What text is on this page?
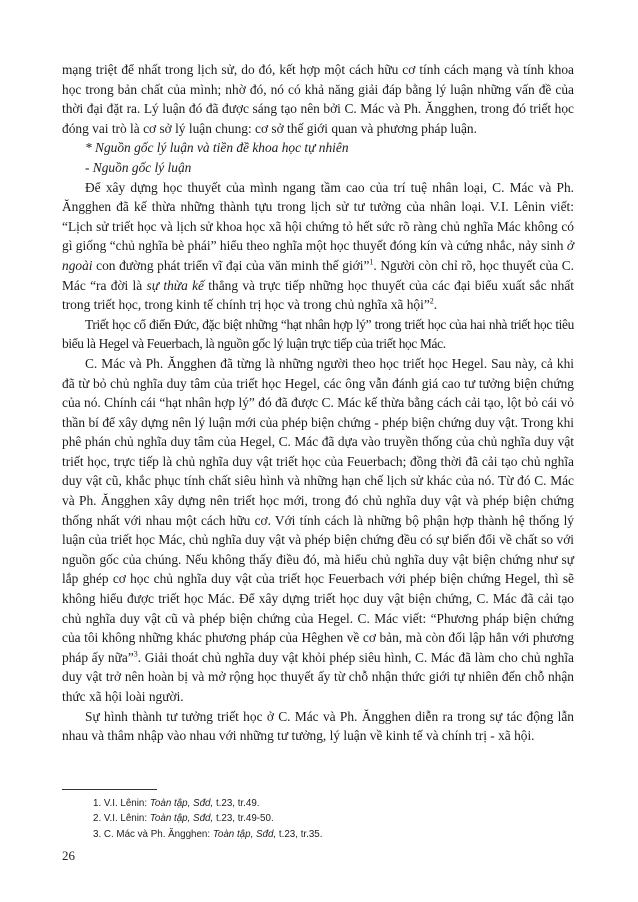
mạng triệt để nhất trong lịch sử, do đó, kết hợp một cách hữu cơ tính cách mạng và tính khoa học trong bản chất của mình; nhờ đó, nó có khả năng giải đáp bằng lý luận những vấn đề của thời đại đặt ra. Lý luận đó đã được sáng tạo nên bởi C. Mác và Ph. Ăngghen, trong đó triết học đóng vai trò là cơ sở lý luận chung: cơ sở thế giới quan và phương pháp luận.

* Nguồn gốc lý luận và tiền đề khoa học tự nhiên

- Nguồn gốc lý luận

Để xây dựng học thuyết của mình ngang tầm cao của trí tuệ nhân loại, C. Mác và Ph. Ăngghen đã kế thừa những thành tựu trong lịch sử tư tưởng của nhân loại. V.I. Lênin viết: “Lịch sử triết học và lịch sử khoa học xã hội chứng tỏ hết sức rõ ràng chủ nghĩa Mác không có gì giống “chủ nghĩa bè phái” hiểu theo nghĩa một học thuyết đóng kín và cứng nhắc, nảy sinh ở ngoài con đường phát triển vĩ đại của văn minh thế giới”$^1$. Người còn chỉ rõ, học thuyết của C. Mác “ra đời là sự thừa kế thẳng và trực tiếp những học thuyết của các đại biểu xuất sắc nhất trong triết học, trong kinh tế chính trị học và trong chủ nghĩa xã hội”$^2$.

Triết học cổ điển Đức, đặc biệt những “hạt nhân hợp lý” trong triết học của hai nhà triết học tiêu biểu là Hegel và Feuerbach, là nguồn gốc lý luận trực tiếp của triết học Mác.

C. Mác và Ph. Ăngghen đã từng là những người theo học triết học Hegel. Sau này, cả khi đã từ bỏ chủ nghĩa duy tâm của triết học Hegel, các ông vẫn đánh giá cao tư tưởng biện chứng của nó. Chính cái “hạt nhân hợp lý” đó đã được C. Mác kế thừa bằng cách cải tạo, lột bỏ cái vỏ thần bí để xây dựng nên lý luận mới của phép biện chứng - phép biện chứng duy vật. Trong khi phê phán chủ nghĩa duy tâm của Hegel, C. Mác đã dựa vào truyền thống của chủ nghĩa duy vật triết học, trực tiếp là chủ nghĩa duy vật triết học của Feuerbach; đồng thời đã cải tạo chủ nghĩa duy vật cũ, khắc phục tính chất siêu hình và những hạn chế lịch sử khác của nó. Từ đó C. Mác và Ph. Ăngghen xây dựng nên triết học mới, trong đó chủ nghĩa duy vật và phép biện chứng thống nhất với nhau một cách hữu cơ. Với tính cách là những bộ phận hợp thành hệ thống lý luận của triết học Mác, chủ nghĩa duy vật và phép biện chứng đều có sự biến đổi về chất so với nguồn gốc của chúng. Nếu không thấy điều đó, mà hiểu chủ nghĩa duy vật biện chứng như sự lắp ghép cơ học chủ nghĩa duy vật của triết học Feuerbach với phép biện chứng Hegel, thì sẽ không hiểu được triết học Mác. Để xây dựng triết học duy vật biện chứng, C. Mác đã cải tạo chủ nghĩa duy vật cũ và phép biện chứng của Hegel. C. Mác viết: “Phương pháp biện chứng của tôi không những khác phương pháp của Hêghen về cơ bản, mà còn đối lập hẳn với phương pháp ấy nữa”$^3$. Giải thoát chủ nghĩa duy vật khỏi phép siêu hình, C. Mác đã làm cho chủ nghĩa duy vật trở nên hoàn bị và mở rộng học thuyết ấy từ chỗ nhận thức giới tự nhiên đến chỗ nhận thức xã hội loài người.

Sự hình thành tư tưởng triết học ở C. Mác và Ph. Ăngghen diễn ra trong sự tác động lẫn nhau và thâm nhập vào nhau với những tư tưởng, lý luận về kinh tế và chính trị - xã hội.

1. V.I. Lênin: Toàn tập, Sđd, t.23, tr.49.
2. V.I. Lênin: Toàn tập, Sđd, t.23, tr.49-50.
3. C. Mác và Ph. Ăngghen: Toàn tập, Sđd, t.23, tr.35.
26
